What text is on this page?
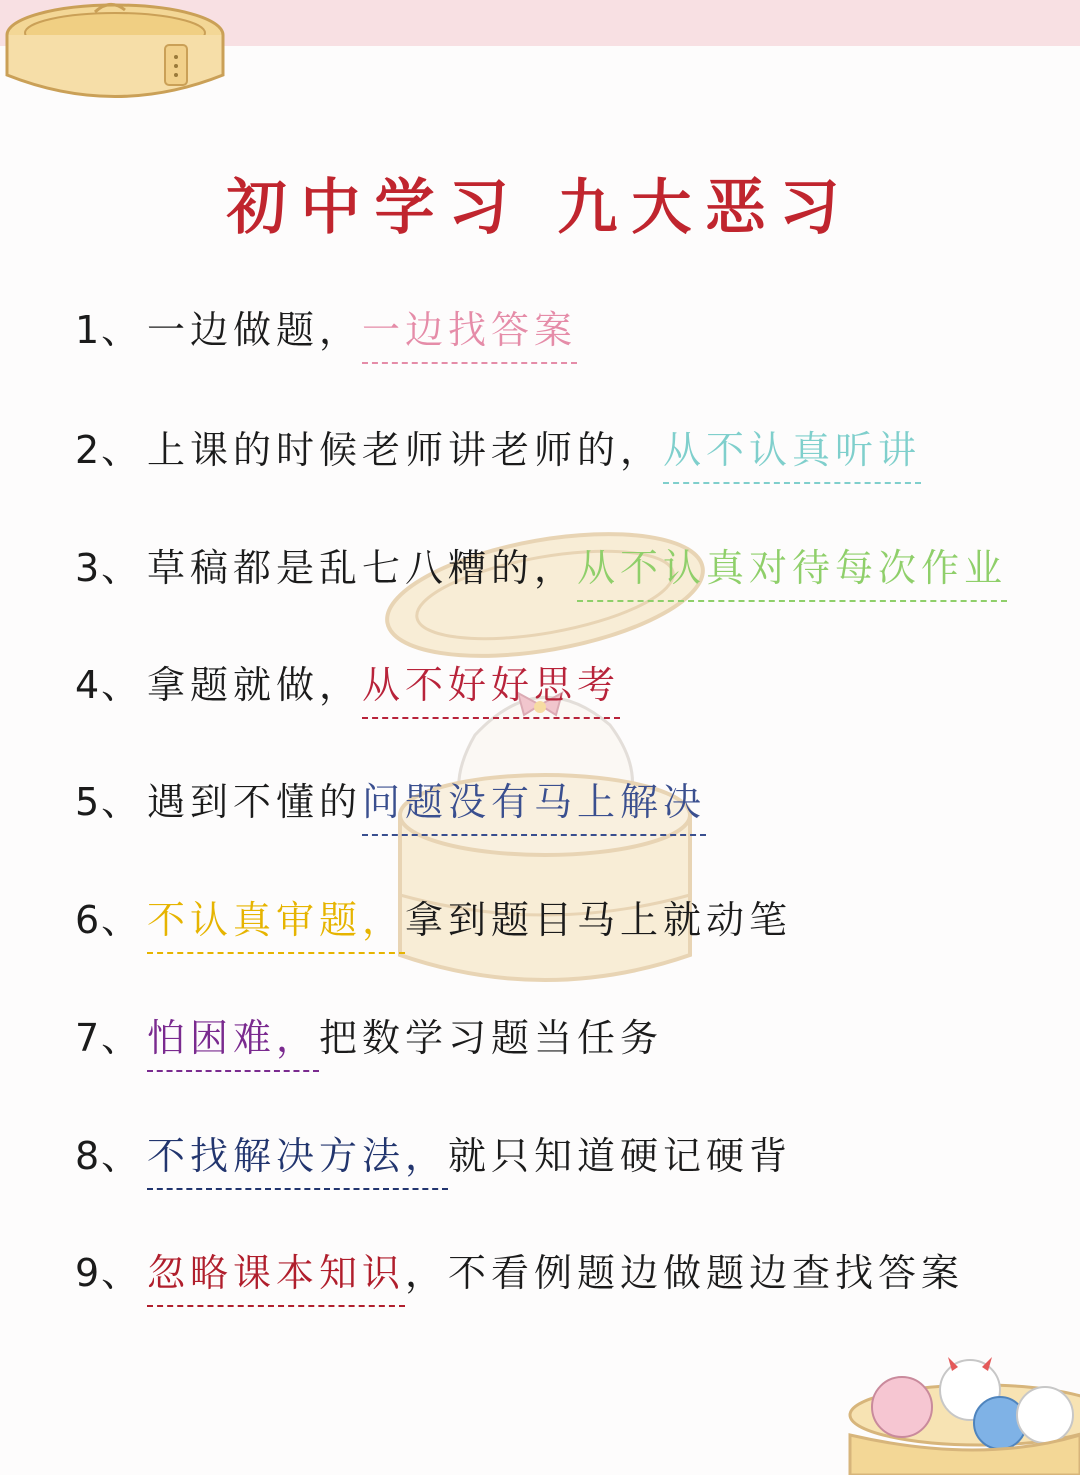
初中学习 九大恶习
1、 一边做题，一边找答案
2、 上课的时候老师讲老师的，从不认真听讲
3、 草稿都是乱七八糟的，从不认真对待每次作业
4、 拿题就做，从不好好思考
5、 遇到不懂的问题没有马上解决
6、 不认真审题，拿到题目马上就动笔
7、 怕困难，把数学习题当任务
8、 不找解决方法，就只知道硬记硬背
9、 忽略课本知识，不看例题边做题边查找答案
